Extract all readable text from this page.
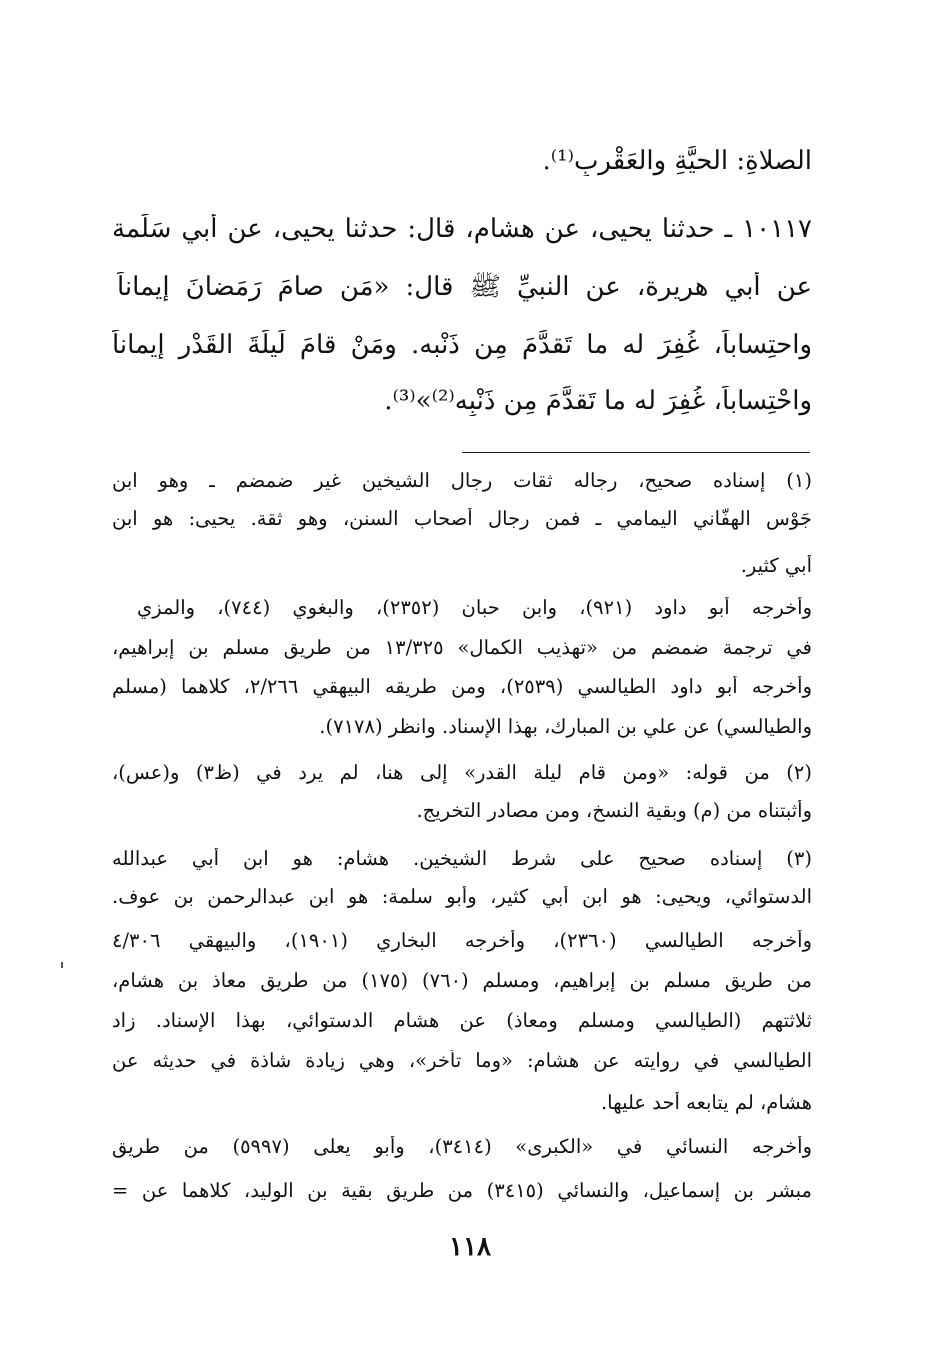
الصلاةِ: الحيَّةِ والعَقْربِ⁽¹⁾.
١٠١١٧ ـ حدثنا يحيى، عن هشامٍ، قال: حدثنا يحيى، عن أبي سَلَمة
عن أبي هريرة، عن النبيِّ ﷺ قال: «مَن صامَ رَمَضانَ إيماناً
واحتِساباً، غُفِرَ له ما تَقدَّمَ مِن ذَنْبه. ومَنْ قامَ لَيلَةَ القَدْرِ إيماناً
واحْتِساباً، غُفِرَ له ما تَقدَّمَ مِن ذَنْبِه⁽²⁾»⁽³⁾.
(١) إسناده صحيح، رجاله ثقات رجال الشيخين غير ضمضم ـ وهو ابن
جَوْسٍ الهِفَّاني اليمامي ـ فمن رجال أصحاب السنن، وهو ثقة. يحيى: هو ابن
أبي كثير.
وأخرجه أبو داود (٩٢١)، وابن حبان (٢٣٥٢)، والبغوي (٧٤٤)، والمزي
في ترجمة ضمضم من «تهذيب الكمال» ١٣/٣٢٥ من طريق مسلم بن إبراهيم،
وأخرجه أبو داود الطيالسي (٢٥٣٩)، ومن طريقه البيهقي ٢/٢٦٦، كلاهما (مسلم
والطيالسي) عن علي بن المبارك، بهذا الإسناد. وانظر (٧١٧٨).
(٢) من قوله: «ومن قام ليلة القدر» إلى هنا، لم يرد في (ظ٣) و(عس)،
وأثبتناه من (م) وبقية النسخ، ومن مصادر التخريج.
(٣) إسناده صحيح على شرط الشيخين. هشام: هو ابن أبي عبدالله
الدستوائي، ويحيى: هو ابن أبي كثير، وأبو سلمة: هو ابن عبدالرحمن بن عوف.
وأخرجه الطيالسي (٢٣٦٠)، وأخرجه البخاري (١٩٠١)، والبيهقي ٤/٣٠٦
من طريق مسلم بن إبراهيم، ومسلم (٧٦٠) (١٧٥) من طريق معاذ بن هشام،
ثلاثتهم (الطيالسي ومسلم ومعاذ) عن هشام الدستوائي، بهذا الإسناد. زاد
الطيالسي في روايته عن هشام: «وما تأخر»، وهي زيادة شاذة في حديثه عن
هشام، لم يتابعه أحد عليها.
وأخرجه النسائي في «الكبرى» (٣٤١٤)، وأبو يعلى (٥٩٩٧) من طريق
مبشر بن إسماعيل، والنسائي (٣٤١٥) من طريق بقية بن الوليد، كلاهما عن =
١١٨
